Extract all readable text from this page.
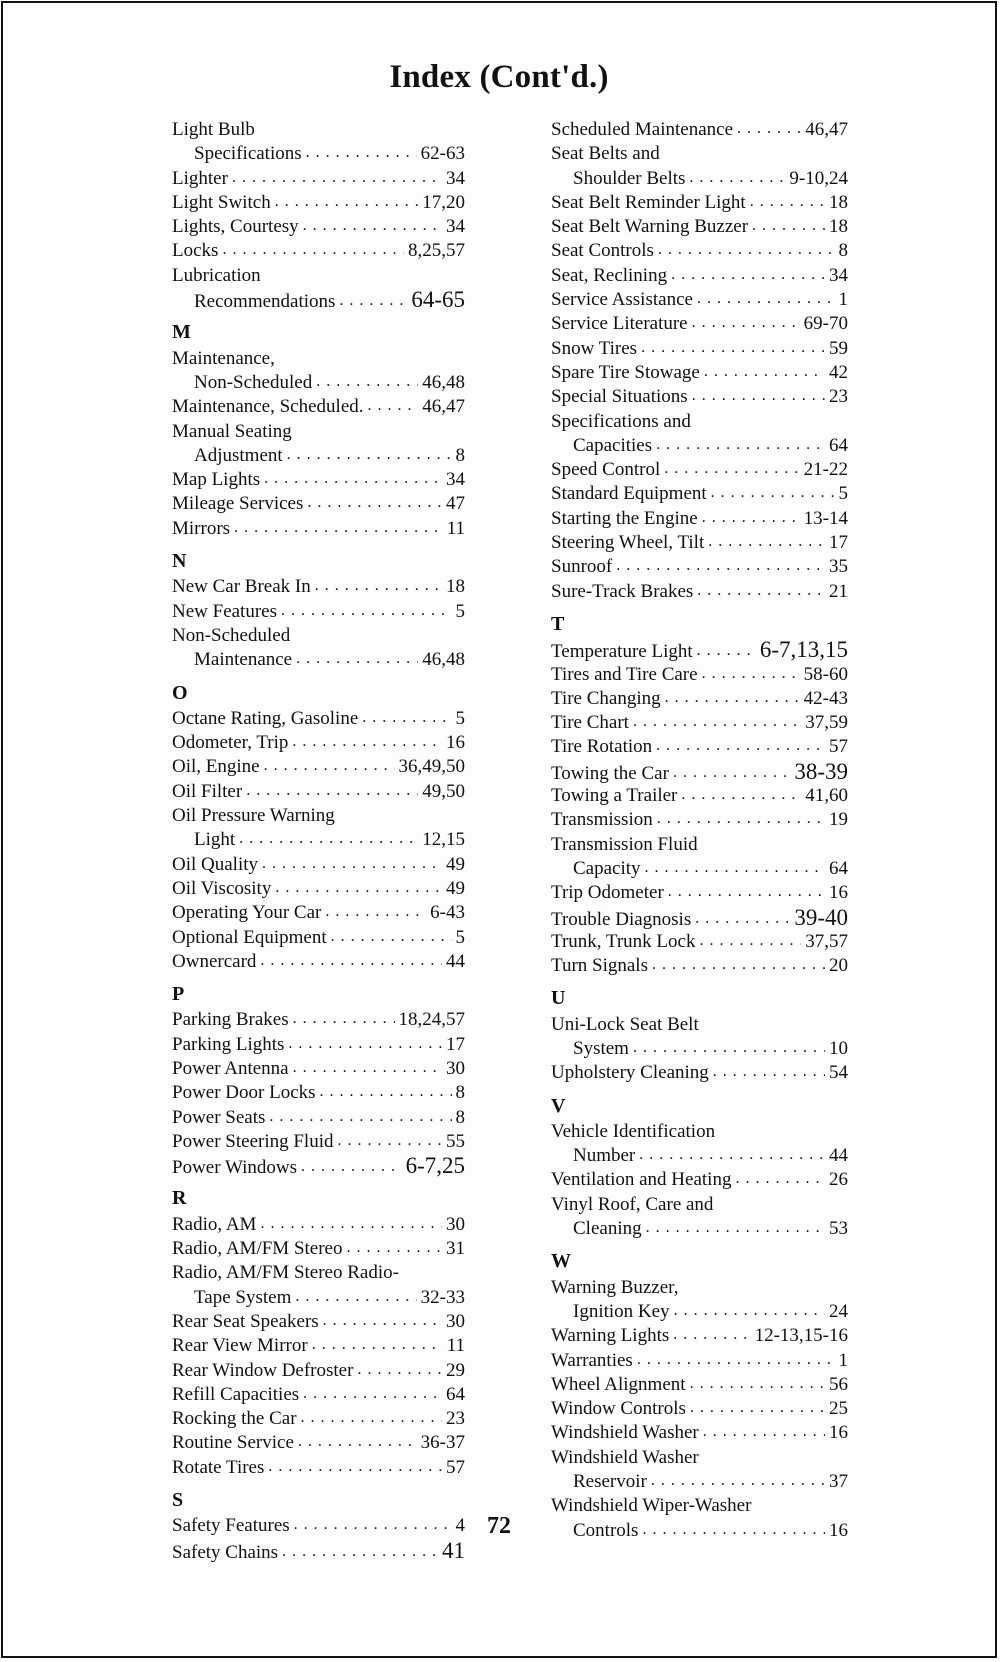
Index (Cont'd.)
Light Bulb
Specifications . . .	62-63
Lighter . . .	34
Light Switch . . .	17,20
Lights, Courtesy . . .	34
Locks . . .	8,25,57
Lubrication
Recommendations . . .	64-65
M
Maintenance,
Non-Scheduled . . .	46,48
Maintenance, Scheduled. . . .	46,47
Manual Seating
Adjustment . . .	8
Map Lights . . .	34
Mileage Services . . .	47
Mirrors . . .	11
N
New Car Break In . . .	18
New Features . . .	5
Non-Scheduled
Maintenance . . .	46,48
O
Octane Rating, Gasoline . . .	5
Odometer, Trip . . .	16
Oil, Engine . . .	36,49,50
Oil Filter . . .	49,50
Oil Pressure Warning
Light . . .	12,15
Oil Quality . . .	49
Oil Viscosity . . .	49
Operating Your Car . . .	6-43
Optional Equipment . . .	5
Ownercard . . .	44
P
Parking Brakes . . .	18,24,57
Parking Lights . . .	17
Power Antenna . . .	30
Power Door Locks . . .	8
Power Seats . . .	8
Power Steering Fluid . . .	55
Power Windows . . .	6-7,25
R
Radio, AM . . .	30
Radio, AM/FM Stereo . . .	31
Radio, AM/FM Stereo Radio-
Tape System . . .	32-33
Rear Seat Speakers . . .	30
Rear View Mirror . . .	11
Rear Window Defroster . . .	29
Refill Capacities . . .	64
Rocking the Car . . .	23
Routine Service . . .	36-37
Rotate Tires . . .	57
S
Safety Features . . .	4
Safety Chains . . .	41
Scheduled Maintenance . . .	46,47
Seat Belts and
Shoulder Belts . . .	9-10,24
Seat Belt Reminder Light . . .	18
Seat Belt Warning Buzzer . . .	18
Seat Controls . . .	8
Seat, Reclining . . .	34
Service Assistance . . .	1
Service Literature . . .	69-70
Snow Tires . . .	59
Spare Tire Stowage . . .	42
Special Situations . . .	23
Specifications and
Capacities . . .	64
Speed Control . . .	21-22
Standard Equipment . . .	5
Starting the Engine . . .	13-14
Steering Wheel, Tilt . . .	17
Sunroof . . .	35
Sure-Track Brakes . . .	21
T
Temperature Light . . .	6-7,13,15
Tires and Tire Care . . .	58-60
Tire Changing . . .	42-43
Tire Chart . . .	37,59
Tire Rotation . . .	57
Towing the Car . . .	38-39
Towing a Trailer . . .	41,60
Transmission . . .	19
Transmission Fluid
Capacity . . .	64
Trip Odometer . . .	16
Trouble Diagnosis . . .	39-40
Trunk, Trunk Lock . . .	37,57
Turn Signals . . .	20
U
Uni-Lock Seat Belt
System . . .	10
Upholstery Cleaning . . .	54
V
Vehicle Identification
Number . . .	44
Ventilation and Heating . . .	26
Vinyl Roof, Care and
Cleaning . . .	53
W
Warning Buzzer,
Ignition Key . . .	24
Warning Lights . . .	12-13,15-16
Warranties . . .	1
Wheel Alignment . . .	56
Window Controls . . .	25
Windshield Washer . . .	16
Windshield Washer
Reservoir . . .	37
Windshield Wiper-Washer
Controls . . .	16
72
